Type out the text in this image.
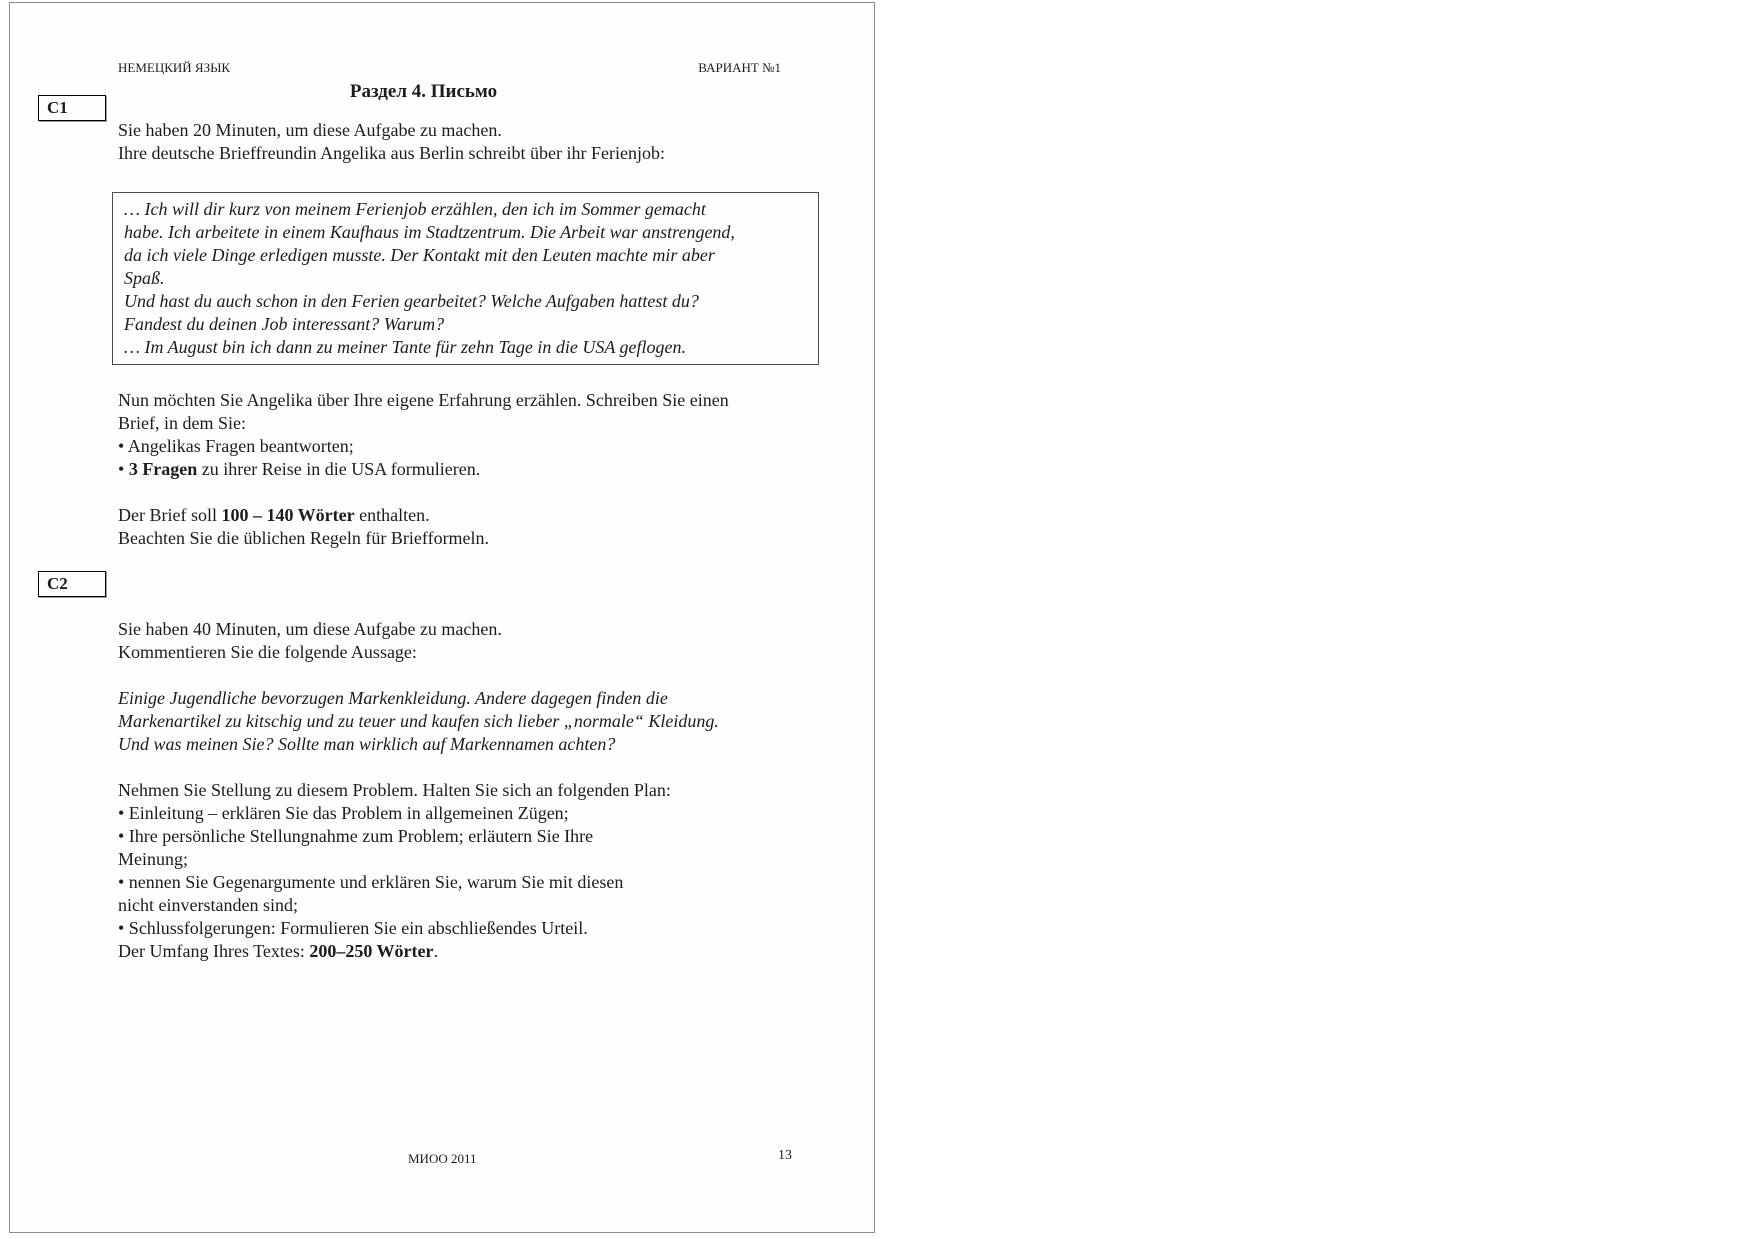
C1
C2
НЕМЕЦКИЙ ЯЗЫК	ВАРИАНТ №1
Раздел 4. Письмо
Sie haben 20 Minuten, um diese Aufgabe zu machen.
Ihre deutsche Brieffreundin Angelika aus Berlin schreibt über ihr Ferienjob:
… Ich will dir kurz von meinem Ferienjob erzählen, den ich im Sommer gemacht
habe. Ich arbeitete in einem Kaufhaus im Stadtzentrum. Die Arbeit war anstrengend,
da ich viele Dinge erledigen musste. Der Kontakt mit den Leuten machte mir aber
Spaß.
Und hast du auch schon in den Ferien gearbeitet? Welche Aufgaben hattest du?
Fandest du deinen Job interessant? Warum?
… Im August bin ich dann zu meiner Tante für zehn Tage in die USA geflogen.
Nun möchten Sie Angelika über Ihre eigene Erfahrung erzählen. Schreiben Sie einen
Brief, in dem Sie:
• Angelikas Fragen beantworten;
• 3 Fragen zu ihrer Reise in die USA formulieren.
Der Brief soll 100 – 140 Wörter enthalten.
Beachten Sie die üblichen Regeln für Briefformeln.
Sie haben 40 Minuten, um diese Aufgabe zu machen.
Kommentieren Sie die folgende Aussage:
Einige Jugendliche bevorzugen Markenkleidung. Andere dagegen finden die
Markenartikel zu kitschig und zu teuer und kaufen sich lieber „normale“ Kleidung.
Und was meinen Sie? Sollte man wirklich auf Markennamen achten?
Nehmen Sie Stellung zu diesem Problem. Halten Sie sich an folgenden Plan:
• Einleitung – erklären Sie das Problem in allgemeinen Zügen;
• Ihre persönliche Stellungnahme zum Problem; erläutern Sie Ihre
Meinung;
• nennen Sie Gegenargumente und erklären Sie, warum Sie mit diesen
nicht einverstanden sind;
• Schlussfolgerungen: Formulieren Sie ein abschließendes Urteil.
Der Umfang Ihres Textes: 200–250 Wörter.
МИОО 2011	13
